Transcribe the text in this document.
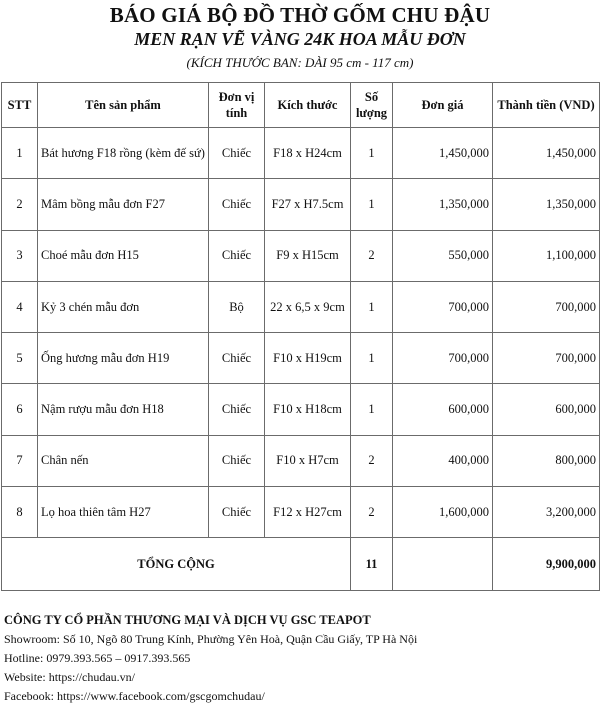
BÁO GIÁ BỘ ĐỒ THỜ GỐM CHU ĐẬU
MEN RẠN VẼ VÀNG 24K HOA MẪU ĐƠN
(KÍCH THƯỚC BAN: DÀI 95 cm - 117 cm)
STT	Tên sản phẩm	Đơn vị tính	Kích thước	Số lượng	Đơn giá	Thành tiền (VND)
1	Bát hương F18 rồng (kèm đế sứ)	Chiếc	F18 x H24cm	1	1,450,000	1,450,000
2	Mâm bồng mẫu đơn F27	Chiếc	F27 x H7.5cm	1	1,350,000	1,350,000
3	Choé mẫu đơn H15	Chiếc	F9 x H15cm	2	550,000	1,100,000
4	Kỷ 3 chén mẫu đơn	Bộ	22 x 6,5 x 9cm	1	700,000	700,000
5	Ống hương mẫu đơn H19	Chiếc	F10 x H19cm	1	700,000	700,000
6	Nậm rượu mẫu đơn H18	Chiếc	F10 x H18cm	1	600,000	600,000
7	Chân nến	Chiếc	F10 x H7cm	2	400,000	800,000
8	Lọ hoa thiên tâm H27	Chiếc	F12 x H27cm	2	1,600,000	3,200,000
TỔNG CỘNG				11		9,900,000
CÔNG TY CỔ PHẦN THƯƠNG MẠI VÀ DỊCH VỤ GSC TEAPOT
Showroom: Số 10, Ngõ 80 Trung Kính, Phường Yên Hoà, Quận Cầu Giấy, TP Hà Nội
Hotline: 0979.393.565 – 0917.393.565
Website: https://chudau.vn/
Facebook: https://www.facebook.com/gscgomchudau/
